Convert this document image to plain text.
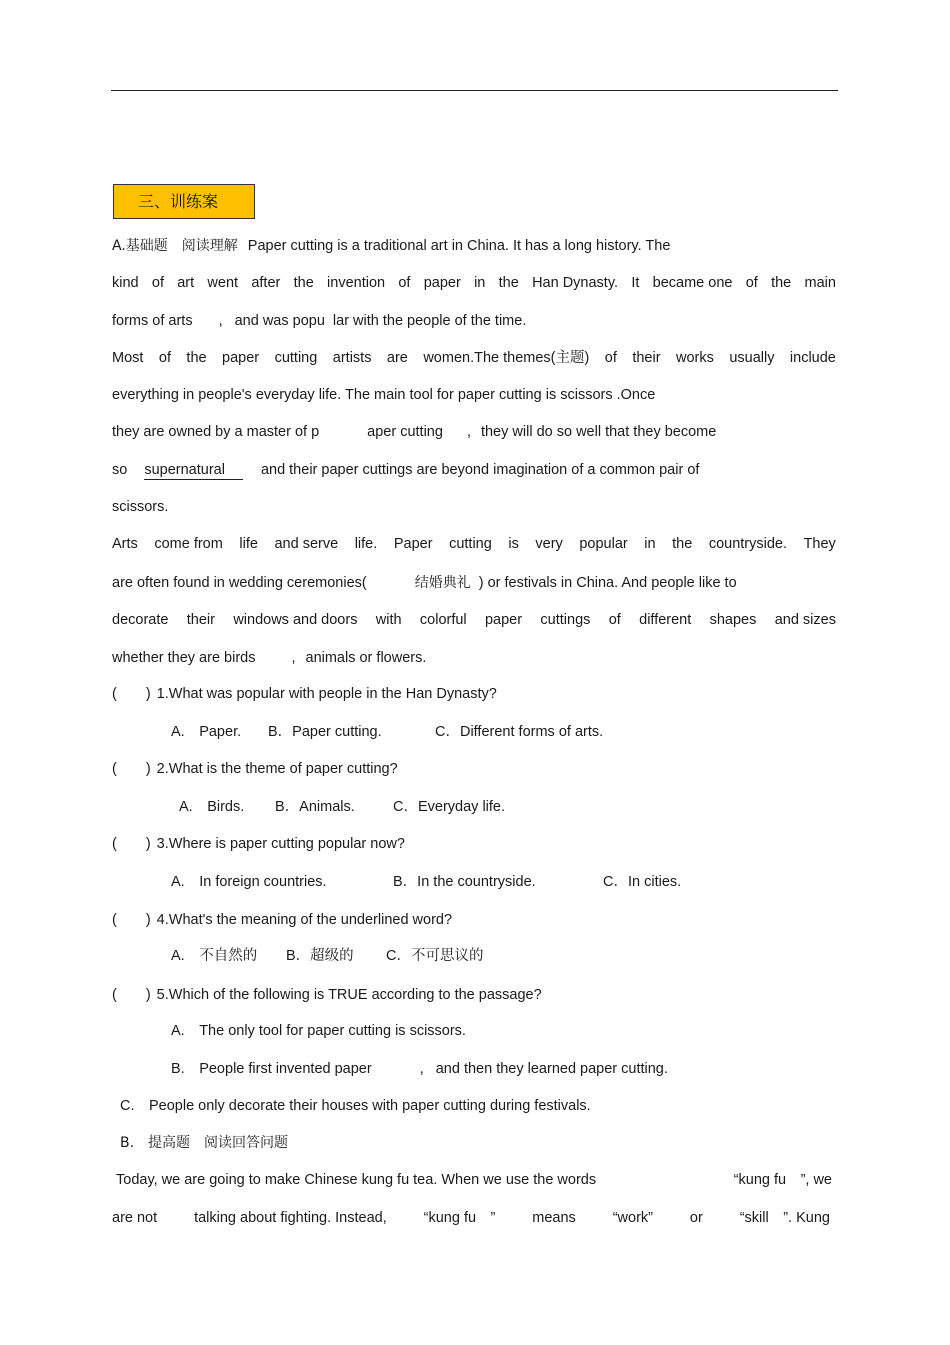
三、训练案
A.基础题　阅读理解 Paper cutting is a traditional art in China. It has a long history. The
kind of art went after the invention of paper in the Han Dynasty. It became one of the main
forms of arts , and was popu lar with the people of the time.
Most of the paper cutting artists are women.The themes(主题) of their works usually include
everything in people's everyday life. The main tool for paper cutting is scissors .Once
they are owned by a master of p	aper cutting , they will do so well that they become
so supernatural and their paper cuttings are beyond imagination of a common pair of
scissors.
Arts come from life and serve life. Paper cutting is very popular in the countryside. They
are often found in wedding ceremonies(	结婚典礼 ) or festivals in China. And people like to
decorate their windows and doors with colorful paper cuttings of different shapes and sizes
whether they are birds , animals or flowers.
(　　) 1.What was popular with people in the Han Dynasty?
A.　Paper. B．Paper cutting.	C．Different forms of arts.
(　　) 2.What is the theme of paper cutting?
A.　Birds. B．Animals.	C．Everyday life.
(　　) 3.Where is paper cutting popular now?
A.　In foreign countries.	B．In the countryside.	C．In cities.
(　　) 4.What's the meaning of the underlined word?
A.　不自然的 B．超级的 C．不可思议的
(　　) 5.Which of the following is TRUE according to the passage?
A.　The only tool for paper cutting is scissors.
B.　People first invented paper	, and then they learned paper cutting.
C.　People only decorate their houses with paper cutting during festivals.
B.　提高题　阅读回答问题
Today, we are going to make Chinese kung fu tea. When we use the words	“kung fu　”, we
are not	talking about fighting. Instead,	“kung fu　”	means	“work”	or	“skill　”. Kung
